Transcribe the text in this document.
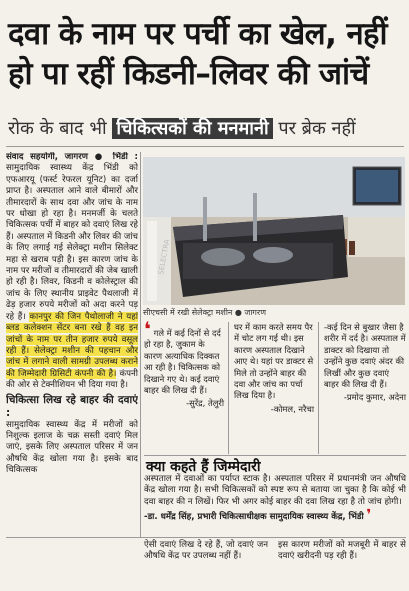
दवा के नाम पर पर्ची का खेल, नहीं
हो पा रहीं किडनी–लिवर की जांचें
रोक के बाद भी चिकित्सकों की मनमानी पर ब्रेक नहीं

संवाद सहयोगी, जागरण ● भिंडी : सामुदायिक स्वास्थ्य केंद्र भिंडी को एफआरयू (फर्स्ट रेफरल यूनिट) का दर्जा प्राप्त है। अस्पताल आने वाले बीमारों और तीमारदारों के साथ दवा और जांच के नाम पर धोखा हो रहा है। मनमर्जी के चलते चिकित्सक पर्ची में बाहर को दवाएं लिख रहे हैं। अस्पताल में किडनी और लिवर की जांच के लिए लगाई गई सेलेक्ट्रा मशीन सिलेक्ट महा से खराब पड़ी है। इस कारण जांच के नाम पर मरीजों व तीमारदारों की जेब खाली हो रही है। लिवर, किडनी व कोलेस्ट्राल की जांच के लिए स्थानीय प्राइवेट पैथलाजी में ढेड़ हजार रुपये मरीजों को अदा करने पड़ रहे हैं। कानपुर की जिन पैथोलाजी ने यहां ब्लड कलेक्शन सेंटर बना रखे हैं वह इन जांचों के नाम पर तीन हजार रुपये वसूल रही हैं। सेलेक्ट्रा मशीन की पहचान और जांच में लगाने वाली सामग्री उपलब्ध कराने की जिम्मेदारी ग्रिसिटी कंपनी की है। कंपनी की ओर से टेक्नीशियन भी दिया गया है।

चिकित्सा लिख रहे बाहर की दवाएं :

सामुदायिक स्वास्थ्य केंद्र में मरीजों को निशुल्क इलाज के चक्र सस्ती दवाएं मिल जाएं, इसके लिए अस्पताल परिसर में जन औषधि केंद्र खोला गया है। इसके बाद चिकित्सक

SELECTRA
सीएचसी में रखी सेलेक्ट्रा मशीन ● जागरण
❛ गले में कई दिनों से दर्द हो रहा है, जुकाम के कारण अत्याधिक दिक्कत आ रही है। चिकित्सक को दिखाने गए थे। कई दवाएं बाहर की लिख दी हैं।
-सुरेंद्र, तेलुरी
घर में काम करते समय पैर में चोट लग गई थी। इस कारण अस्पताल दिखाने आए थे। यहां पर डाक्टर से मिले तो उन्होंने बाहर की दवा और जांच का पर्चा लिख दिया है।
-कोमल, नरैचा
-कई दिन से बुखार जैसा है शरीर में दर्द है। अस्पताल में डाक्टर को दिखाया तो उन्होंने कुछ दवाएं अंदर की लिखीं और कुछ दवाएं बाहर की लिख दी हैं।
-प्रमोद कुमार, अदेना
क्या कहते हैं जिम्मेदारी
अस्पताल में दवाओं का पर्याप्त स्टाक है। अस्पताल परिसर में प्रधानमंत्री जन औषधि केंद्र खोला गया है। सभी चिकित्सकों को स्पष्ट रूप से बताया जा चुका है कि कोई भी दवा बाहर की न लिखें। फिर भी अगर कोई बाहर की दवा लिख रहा है तो जांच होगी।
-डा. धर्मेंद्र सिंह, प्रभारी चिकित्साधीक्षक सामुदायिक स्वास्थ्य केंद्र, भिंडी ❜
ऐसी दवाएं लिख दे रहे हैं, जो दवाएं जन औषधि केंद्र पर उपलब्ध नहीं हैं।
इस कारण मरीजों को मजबूरी में बाहर से दवाएं खरीदनी पड़ रही हैं।
